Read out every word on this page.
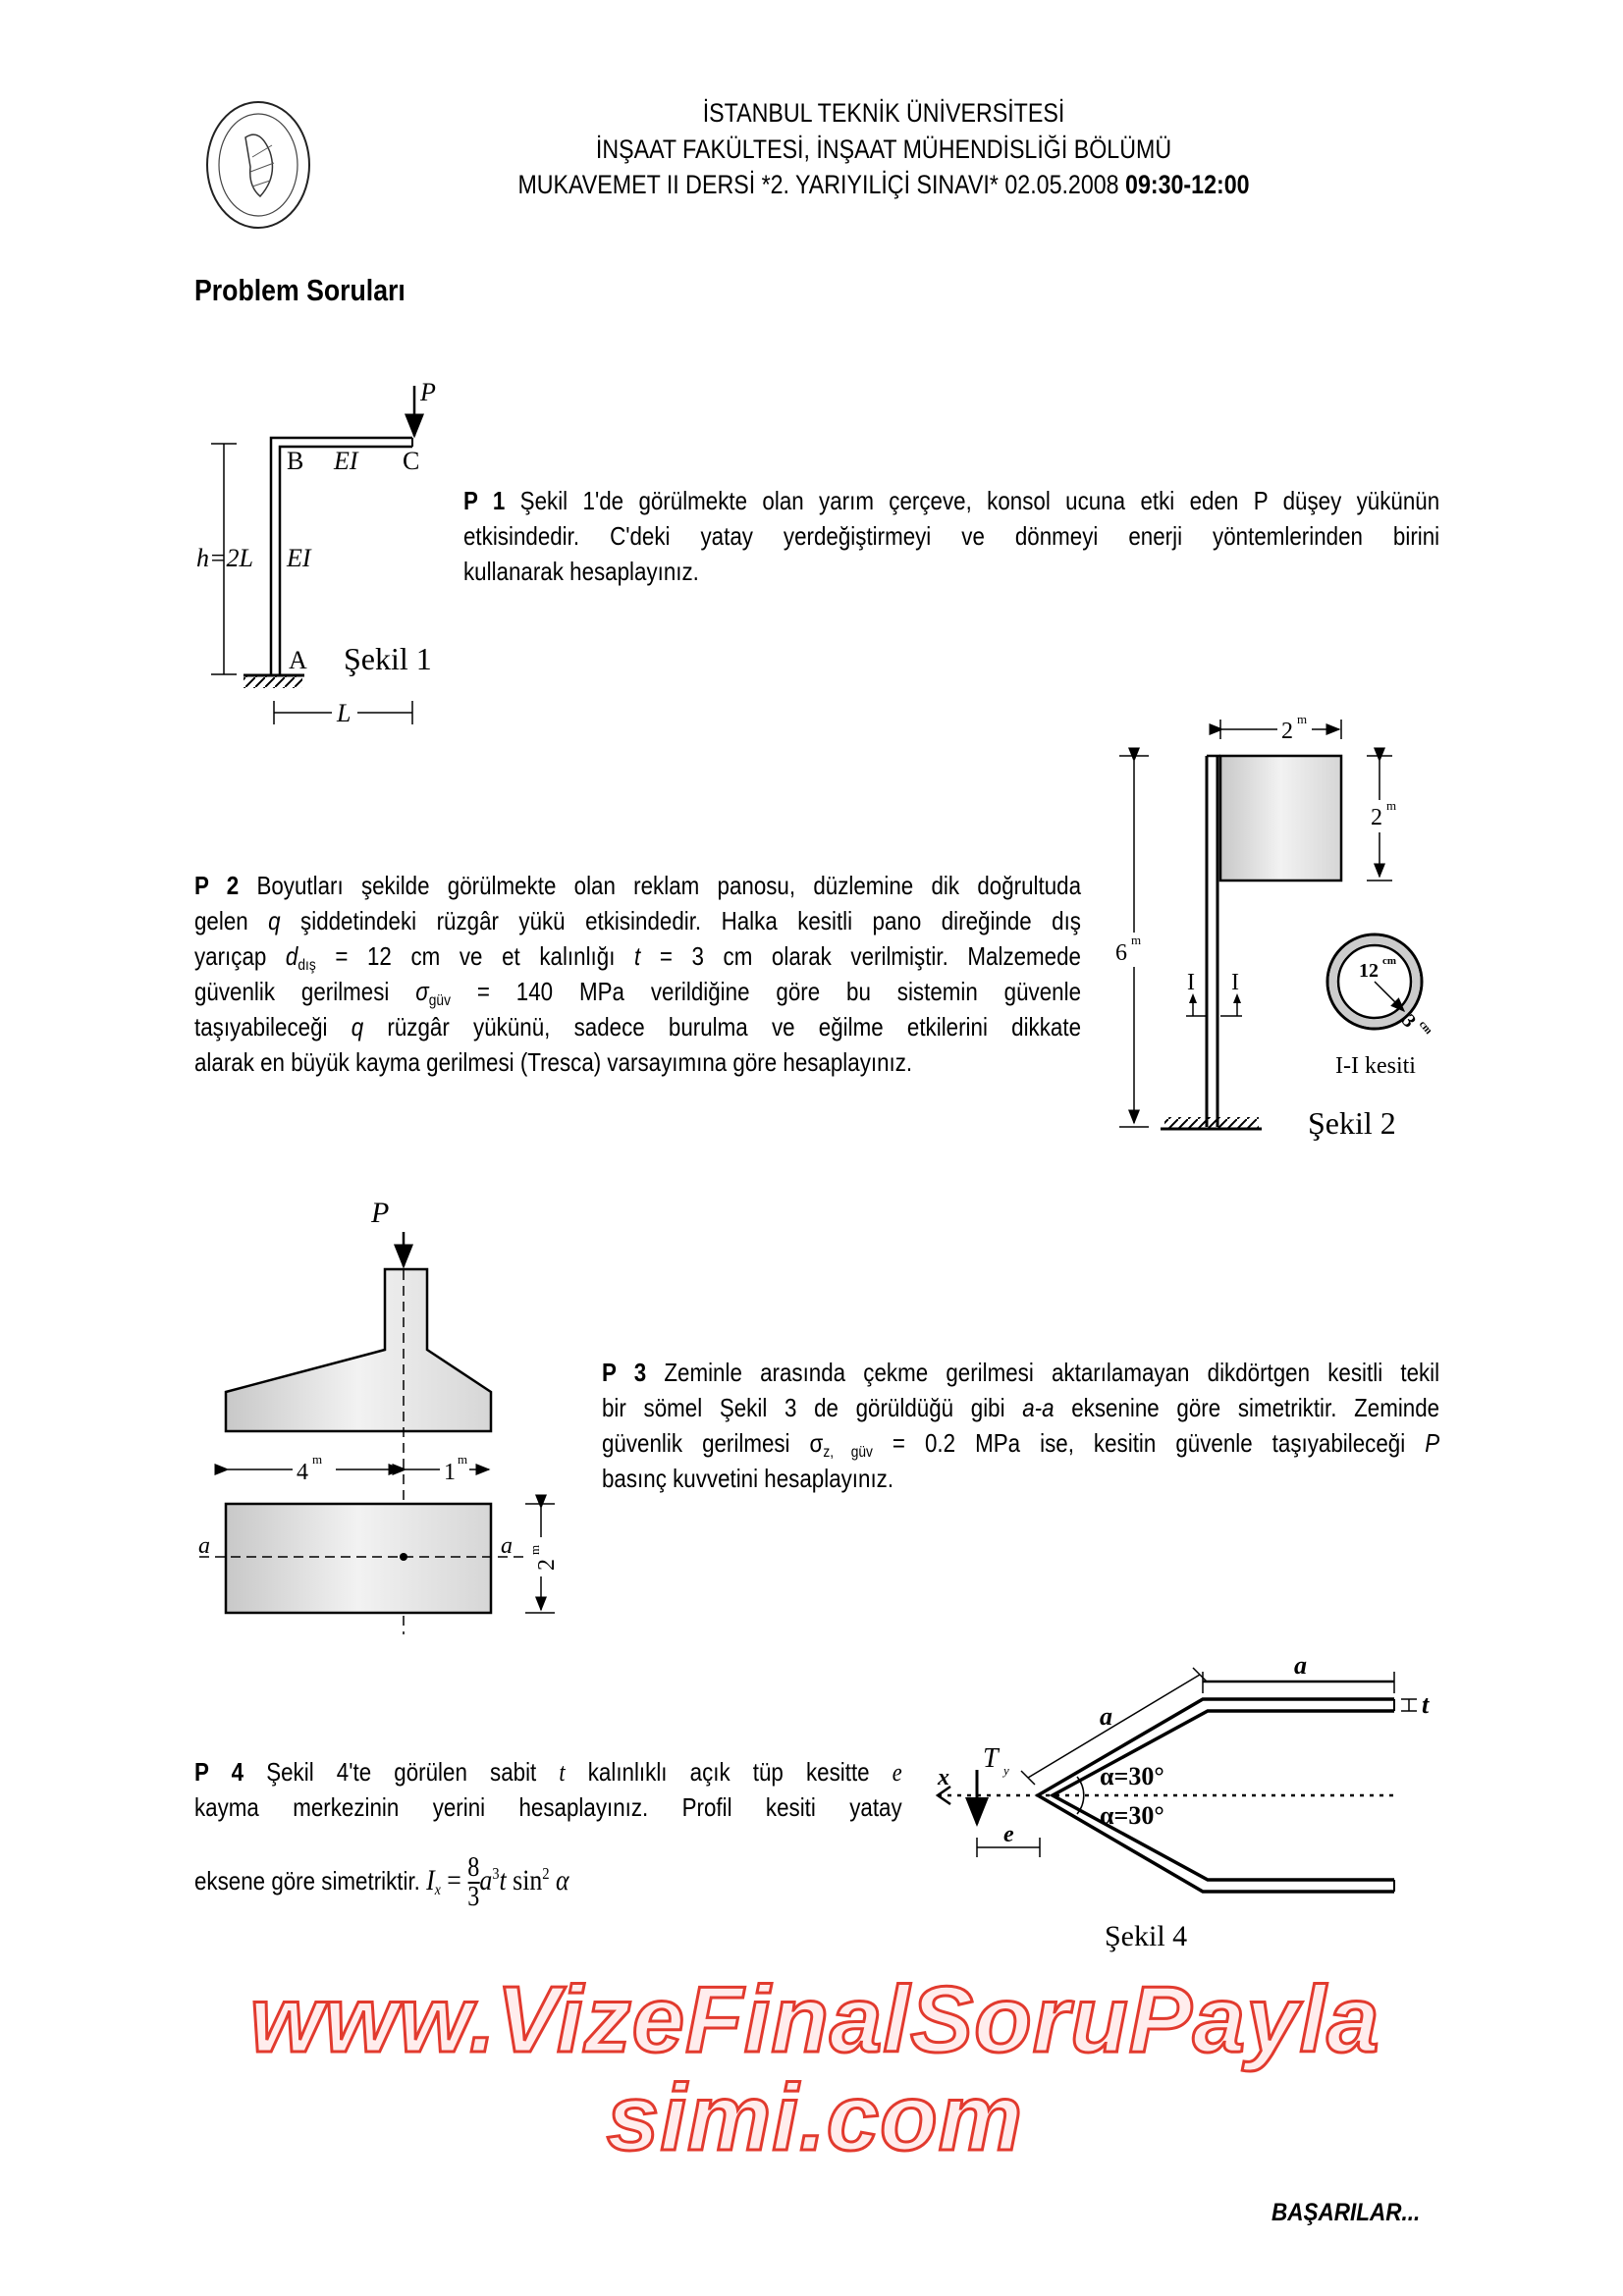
İSTANBUL TEKNİK ÜNİVERSİTESİ
İNŞAAT FAKÜLTESİ, İNŞAAT MÜHENDİSLİĞİ BÖLÜMÜ
MUKAVEMET II DERSİ *2. YARIYILİÇİ SINAVI* 02.05.2008 09:30-12:00
Problem Soruları
P 1 Şekil 1'de görülmekte olan yarım çerçeve, konsol ucuna etki eden P düşey yükünün
etkisindedir. C'deki yatay yerdeğiştirmeyi ve dönmeyi enerji yöntemlerinden birini
kullanarak hesaplayınız.
P 2 Boyutları şekilde görülmekte olan reklam panosu, düzlemine dik doğrultuda
gelen q şiddetindeki rüzgâr yükü etkisindedir. Halka kesitli pano direğinde dış
yarıçap $d_{dış} = 12$ cm ve et kalınlığı t = 3 cm olarak verilmiştir. Malzemede
güvenlik gerilmesi $\sigma_{güv} = 140$ MPa verildiğine göre bu sistemin güvenle
taşıyabileceği q rüzgâr yükünü, sadece burulma ve eğilme etkilerini dikkate
alarak en büyük kayma gerilmesi (Tresca) varsayımına göre hesaplayınız.
P 3 Zeminle arasında çekme gerilmesi aktarılamayan dikdörtgen kesitli tekil
bir sömel Şekil 3 de görüldüğü gibi a-a eksenine göre simetriktir. Zeminde
güvenlik gerilmesi $\sigma_{z, güv} = 0.2$ MPa ise, kesitin güvenle taşıyabileceği P
basınç kuvvetini hesaplayınız.
P 4 Şekil 4'te görülen sabit t kalınlıklı açık tüp kesitte e
kayma merkezinin yerini hesaplayınız. Profil kesiti yatay
eksene göre simetriktir. $I_x = \frac{8}{3} a^3t$ $\sin^2 \alpha$
P
B EI C
EI
A
h=2L
L
Şekil 1
2 m
2 m
6
m
I I	12 cm
3
cm
I-I kesiti
Şekil 2
P
4
m
1
m
a	a
2
m
a
a	t
x
T y
e
α=30°
α=30°
Şekil 4
www.VizeFinalSoruPaylasimi.com
BAŞARILAR...
